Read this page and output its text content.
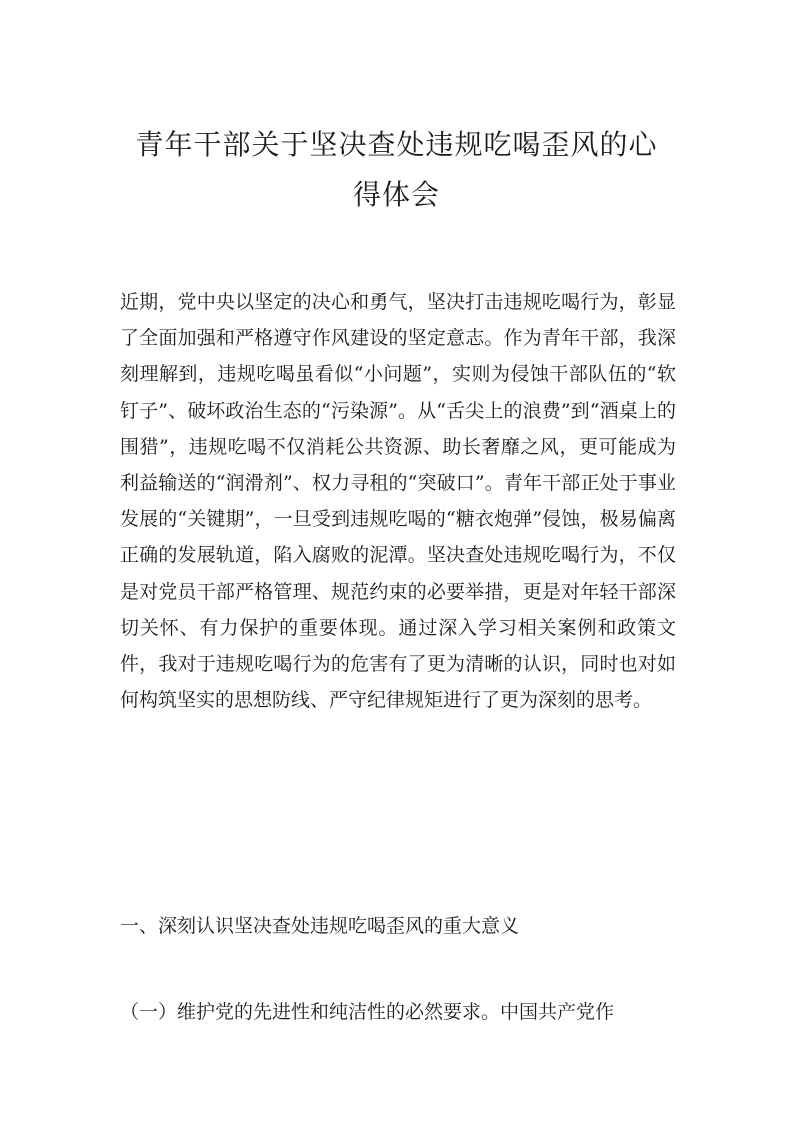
青年干部关于坚决查处违规吃喝歪风的心
得体会

近期，党中央以坚定的决心和勇气，坚决打击违规吃喝行为，彰显了全面加强和严格遵守作风建设的坚定意志。作为青年干部，我深刻理解到，违规吃喝虽看似“小问题”，实则为侵蚀干部队伍的“软钉子”、破坏政治生态的“污染源”。从“舌尖上的浪费”到“酒桌上的围猎”，违规吃喝不仅消耗公共资源、助长奢靡之风，更可能成为利益输送的“润滑剂”、权力寻租的“突破口”。青年干部正处于事业发展的“关键期”，一旦受到违规吃喝的“糖衣炮弹”侵蚀，极易偏离正确的发展轨道，陷入腐败的泥潭。坚决查处违规吃喝行为，不仅是对党员干部严格管理、规范约束的必要举措，更是对年轻干部深切关怀、有力保护的重要体现。通过深入学习相关案例和政策文件，我对于违规吃喝行为的危害有了更为清晰的认识，同时也对如何构筑坚实的思想防线、严守纪律规矩进行了更为深刻的思考。

一、深刻认识坚决查处违规吃喝歪风的重大意义

（一）维护党的先进性和纯洁性的必然要求。中国共产党作
